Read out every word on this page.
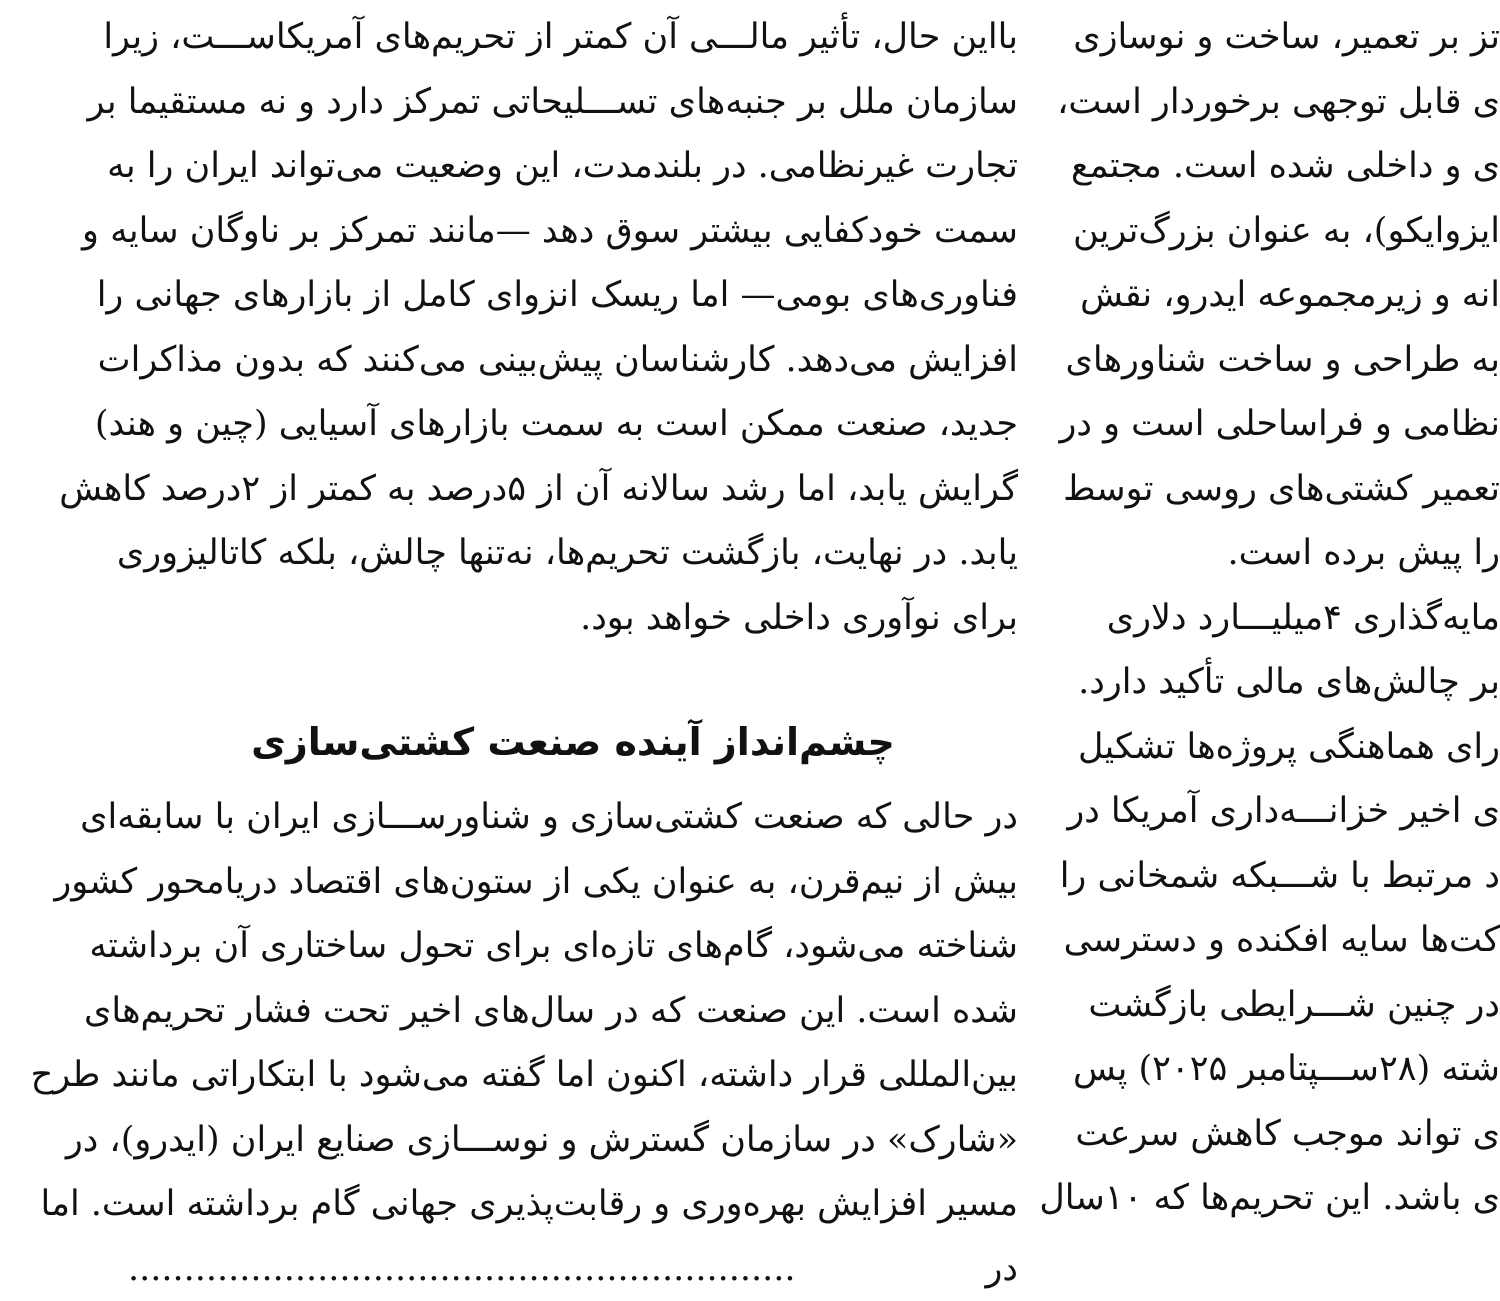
بااین حال، تأثیر مالـــی آن کمتر از تحریم‌های آمریکاســـت، زیرا
سازمان ملل بر جنبه‌های تســـلیحاتی تمرکز دارد و نه مستقیما بر
تجارت غیرنظامی. در بلندمدت، این وضعیت می‌تواند ایران را به
سمت خودکفایی بیشتر سوق دهد —مانند تمرکز بر ناوگان سایه و
فناوری‌های بومی— اما ریسک انزوای کامل از بازارهای جهانی را
افزایش می‌دهد. کارشناسان پیش‌بینی می‌کنند که بدون مذاکرات
جدید، صنعت ممکن است به سمت بازارهای آسیایی (چین و هند)
گرایش یابد، اما رشد سالانه آن از ۵درصد به کمتر از ۲درصد کاهش
یابد. در نهایت، بازگشت تحریم‌ها، نه‌تنها چالش، بلکه کاتالیزوری
برای نوآوری داخلی خواهد بود.
چشم‌انداز آینده صنعت کشتی‌سازی
در حالی که صنعت کشتی‌سازی و شناورســـازی ایران با سابقه‌ای
بیش از نیم‌قرن، به عنوان یکی از ستون‌های اقتصاد دریامحور کشور
شناخته می‌شود، گام‌های تازه‌ای برای تحول ساختاری آن برداشته
شده است. این صنعت که در سال‌های اخیر تحت فشار تحریم‌های
بین‌المللی قرار داشته، اکنون اما گفته می‌شود با ابتکاراتی مانند طرح
«شارک» در سازمان گسترش و نوســـازی صنایع ایران (ایدرو)، در
مسیر افزایش بهره‌وری و رقابت‌پذیری جهانی گام برداشته است. اما
در ............................................................
تز بر تعمیر، ساخت و نوسازی
ی قابل توجهی برخوردار است،
ی و داخلی شده است. مجتمع
ایزوایکو)، به عنوان بزرگ‌ترین
انه و زیرمجموعه ایدرو، نقش
به طراحی و ساخت شناورهای
نظامی و فراساحلی است و در
تعمیر کشتی‌های روسی توسط
را پیش برده است.
مایه‌گذاری ۴میلیـــارد دلاری
بر چالش‌های مالی تأکید دارد.
رای هماهنگی پروژه‌ها تشکیل
ی اخیر خزانـــه‌داری آمریکا در
د مرتبط با شـــبکه شمخانی را
کت‌ها سایه افکنده و دسترسی
در چنین شـــرایطی بازگشت
شته (۲۸ســـپتامبر ۲۰۲۵) پس
ی تواند موجب کاهش سرعت
ی باشد. این تحریم‌ها که ۱۰سال
